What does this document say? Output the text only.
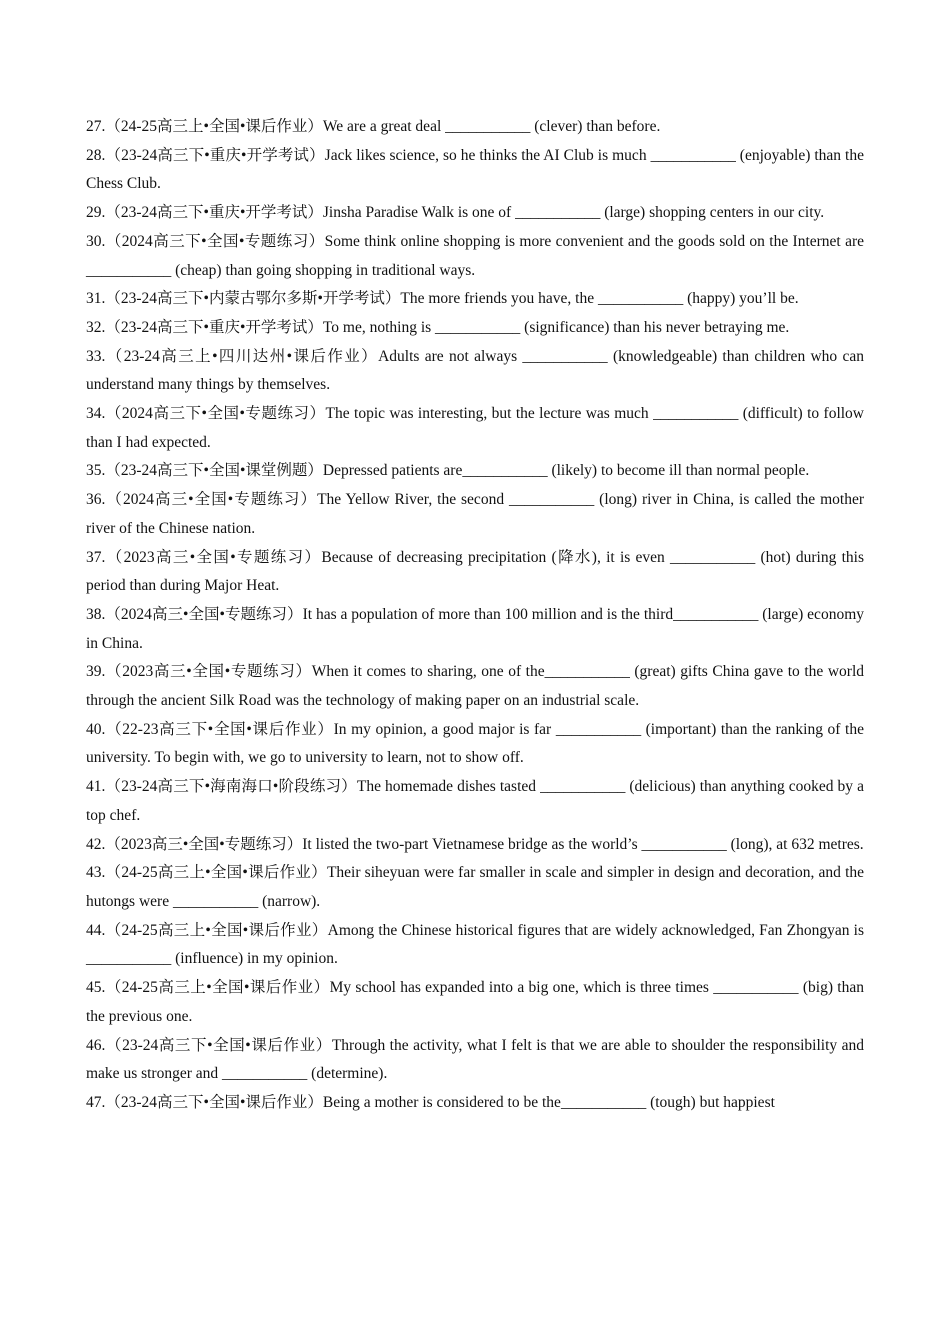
27.（24-25高三上•全国•课后作业）We are a great deal ___________ (clever) than before.

28.（23-24高三下•重庆•开学考试）Jack likes science, so he thinks the AI Club is much ___________ (enjoyable) than the Chess Club.

29.（23-24高三下•重庆•开学考试）Jinsha Paradise Walk is one of ___________ (large) shopping centers in our city.

30.（2024高三下•全国•专题练习）Some think online shopping is more convenient and the goods sold on the Internet are ___________ (cheap) than going shopping in traditional ways.

31.（23-24高三下•内蒙古鄂尔多斯•开学考试）The more friends you have, the ___________ (happy) you’ll be.

32.（23-24高三下•重庆•开学考试）To me, nothing is ___________ (significance) than his never betraying me.

33.（23-24高三上•四川达州•课后作业）Adults are not always ___________ (knowledgeable) than children who can understand many things by themselves.

34.（2024高三下•全国•专题练习）The topic was interesting, but the lecture was much ___________ (difficult) to follow than I had expected.

35.（23-24高三下•全国•课堂例题）Depressed patients are___________ (likely) to become ill than normal people.

36.（2024高三•全国•专题练习）The Yellow River, the second ___________ (long) river in China, is called the mother river of the Chinese nation.

37.（2023高三•全国•专题练习）Because of decreasing precipitation (降水), it is even ___________ (hot) during this period than during Major Heat.

38.（2024高三•全国•专题练习）It has a population of more than 100 million and is the third___________ (large) economy in China.

39.（2023高三•全国•专题练习）When it comes to sharing, one of the___________ (great) gifts China gave to the world through the ancient Silk Road was the technology of making paper on an industrial scale.

40.（22-23高三下•全国•课后作业）In my opinion, a good major is far ___________ (important) than the ranking of the university. To begin with, we go to university to learn, not to show off.

41.（23-24高三下•海南海口•阶段练习）The homemade dishes tasted ___________ (delicious) than anything cooked by a top chef.

42.（2023高三•全国•专题练习）It listed the two-part Vietnamese bridge as the world’s ___________ (long), at 632 metres.

43.（24-25高三上•全国•课后作业）Their siheyuan were far smaller in scale and simpler in design and decoration, and the hutongs were ___________ (narrow).

44.（24-25高三上•全国•课后作业）Among the Chinese historical figures that are widely acknowledged, Fan Zhongyan is ___________ (influence) in my opinion.

45.（24-25高三上•全国•课后作业）My school has expanded into a big one, which is three times ___________ (big) than the previous one.

46.（23-24高三下•全国•课后作业）Through the activity, what I felt is that we are able to shoulder the responsibility and make us stronger and ___________ (determine).

47.（23-24高三下•全国•课后作业）Being a mother is considered to be the___________ (tough) but happiest
